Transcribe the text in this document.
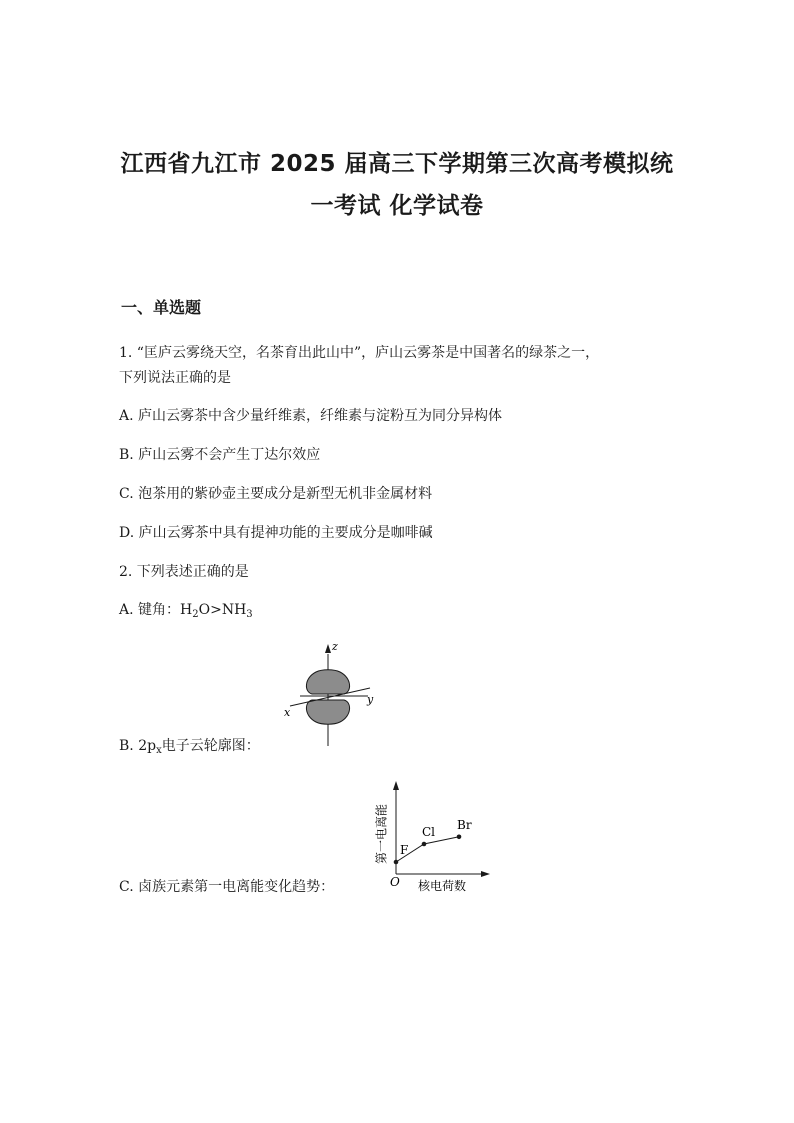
江西省九江市 2025 届高三下学期第三次高考模拟统
一考试 化学试卷
一、单选题
1. “匡庐云雾绕天空，名茶育出此山中”，庐山云雾茶是中国著名的绿茶之一，
下列说法正确的是
A. 庐山云雾茶中含少量纤维素，纤维素与淀粉互为同分异构体
B. 庐山云雾不会产生丁达尔效应
C. 泡茶用的紫砂壶主要成分是新型无机非金属材料
D. 庐山云雾茶中具有提神功能的主要成分是咖啡碱
2. 下列表述正确的是
A. 键角：$H_2O>NH_3$
z
y
x
B. $2p_x$电子云轮廓图：
第一电离能
O 核电荷数
F
Cl
Br
C. 卤族元素第一电离能变化趋势：
